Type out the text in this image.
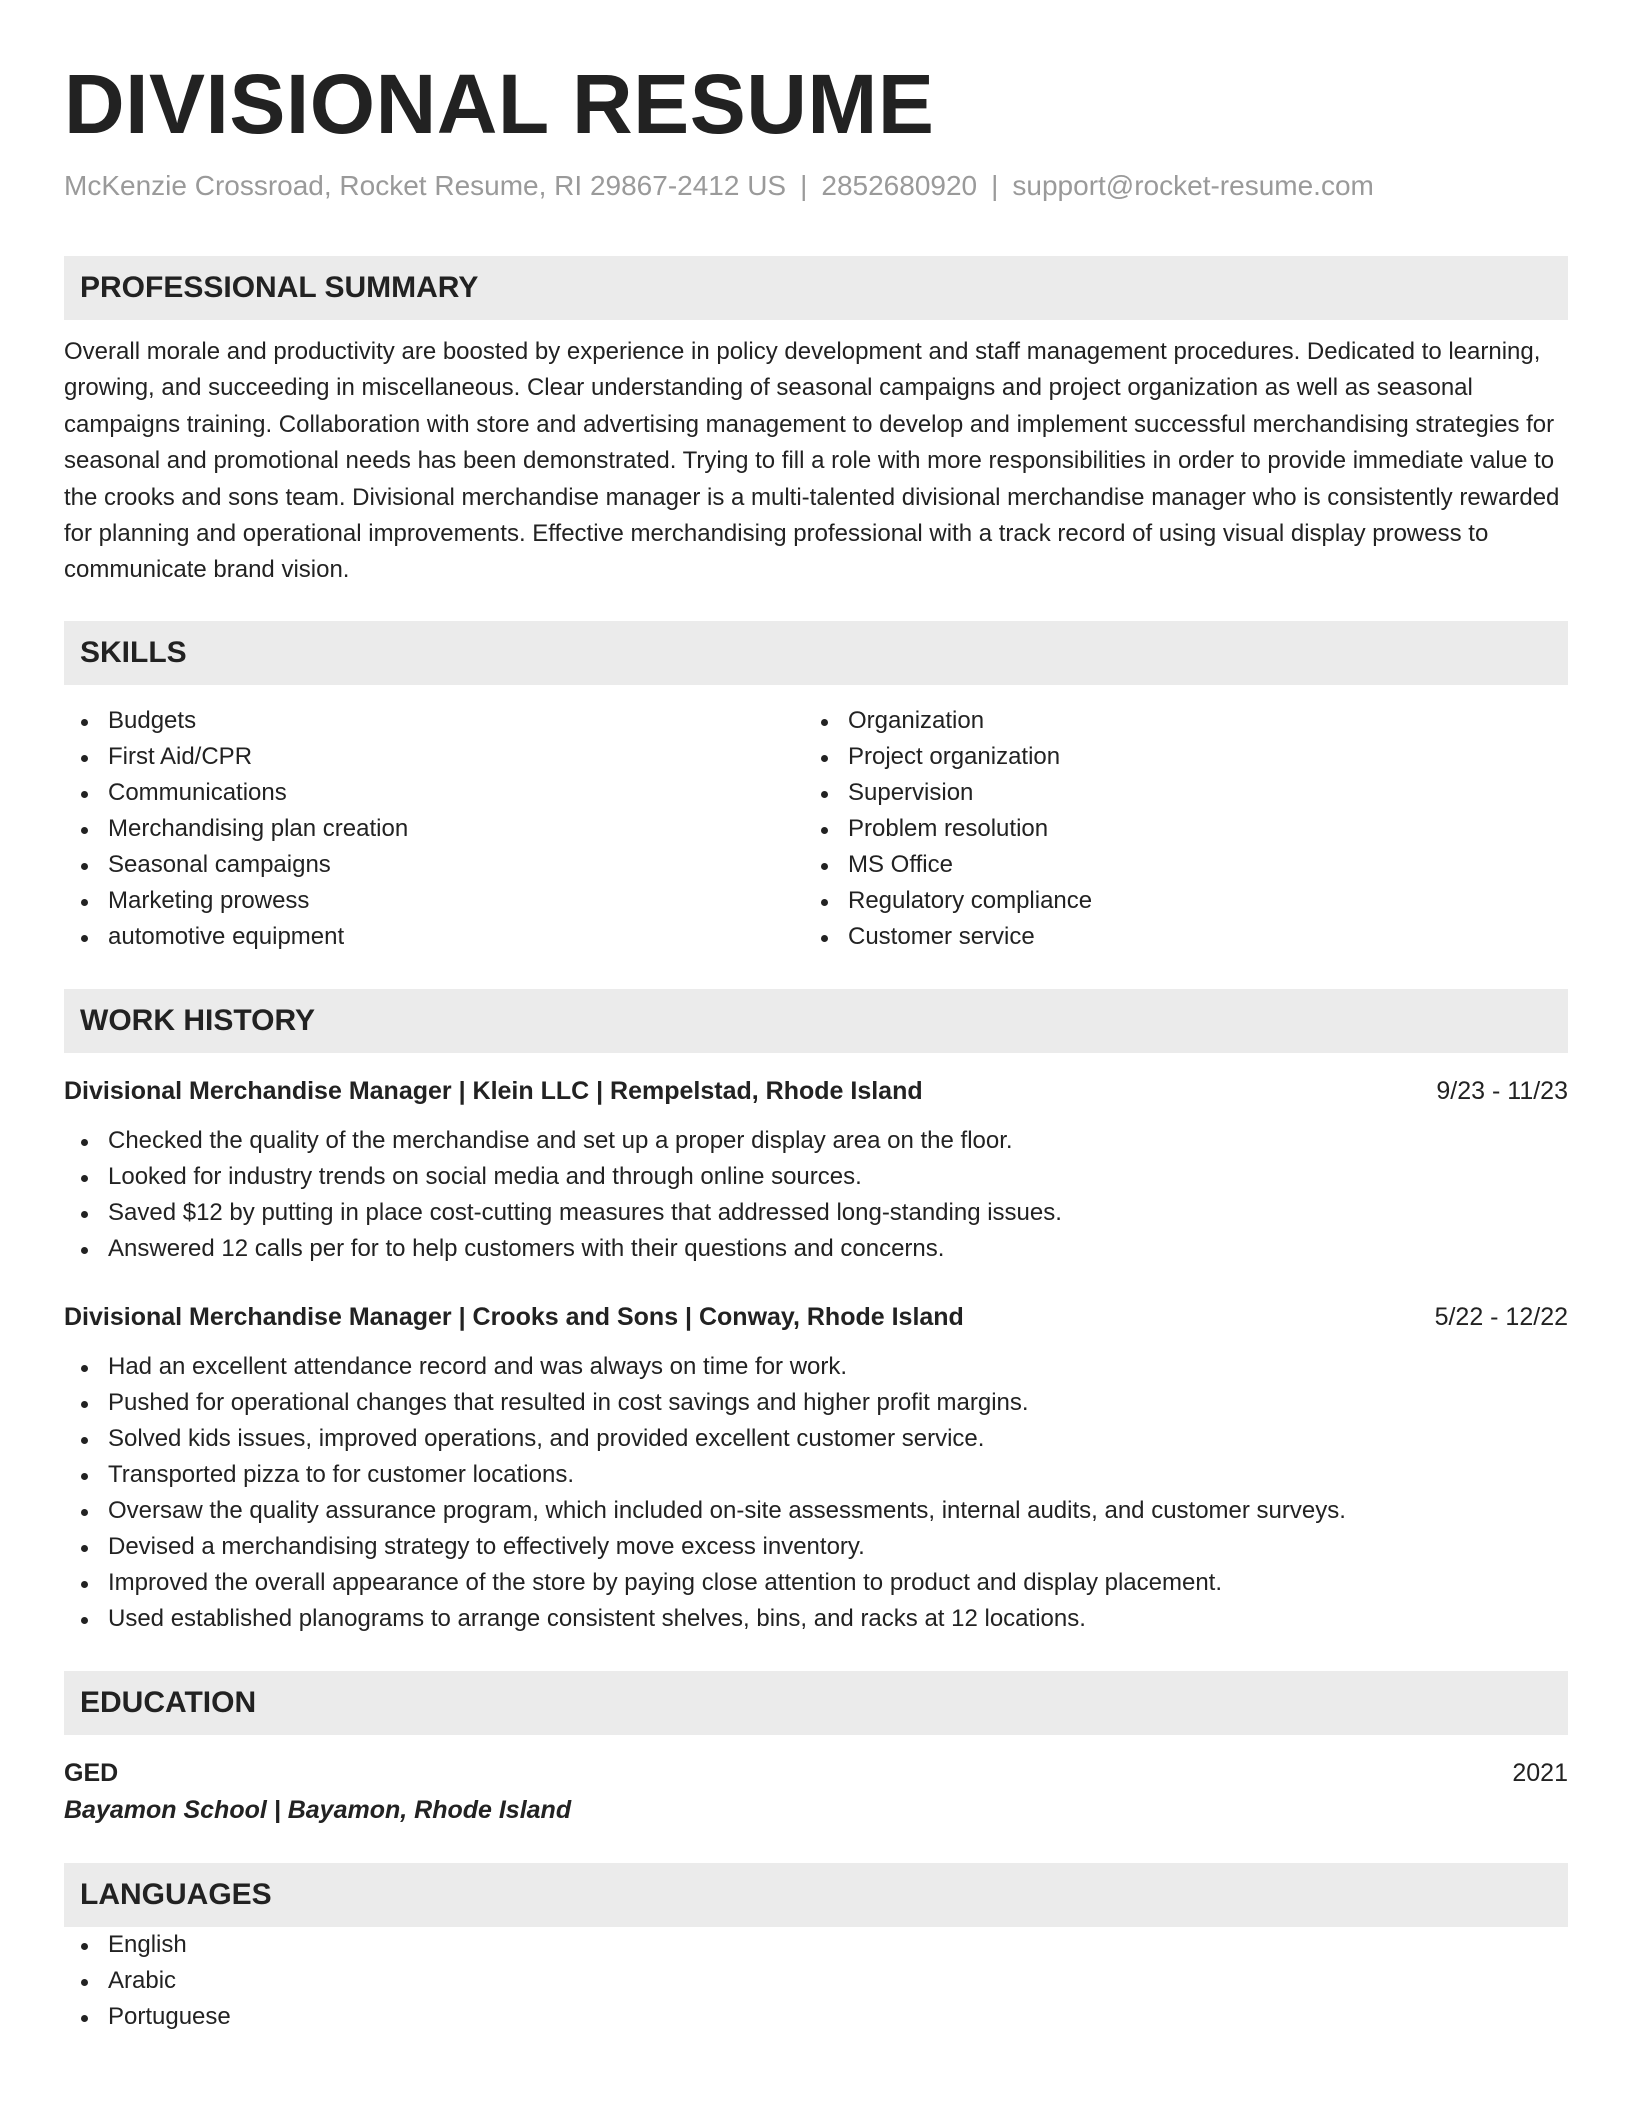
DIVISIONAL RESUME
McKenzie Crossroad, Rocket Resume, RI 29867-2412 US | 2852680920 | support@rocket-resume.com
PROFESSIONAL SUMMARY
Overall morale and productivity are boosted by experience in policy development and staff management procedures. Dedicated to learning, growing, and succeeding in miscellaneous. Clear understanding of seasonal campaigns and project organization as well as seasonal campaigns training. Collaboration with store and advertising management to develop and implement successful merchandising strategies for seasonal and promotional needs has been demonstrated. Trying to fill a role with more responsibilities in order to provide immediate value to the crooks and sons team. Divisional merchandise manager is a multi-talented divisional merchandise manager who is consistently rewarded for planning and operational improvements. Effective merchandising professional with a track record of using visual display prowess to communicate brand vision.
SKILLS
Budgets
First Aid/CPR
Communications
Merchandising plan creation
Seasonal campaigns
Marketing prowess
automotive equipment
Organization
Project organization
Supervision
Problem resolution
MS Office
Regulatory compliance
Customer service
WORK HISTORY
Divisional Merchandise Manager | Klein LLC | Rempelstad, Rhode Island	9/23 - 11/23
Checked the quality of the merchandise and set up a proper display area on the floor.
Looked for industry trends on social media and through online sources.
Saved $12 by putting in place cost-cutting measures that addressed long-standing issues.
Answered 12 calls per for to help customers with their questions and concerns.
Divisional Merchandise Manager | Crooks and Sons | Conway, Rhode Island	5/22 - 12/22
Had an excellent attendance record and was always on time for work.
Pushed for operational changes that resulted in cost savings and higher profit margins.
Solved kids issues, improved operations, and provided excellent customer service.
Transported pizza to for customer locations.
Oversaw the quality assurance program, which included on-site assessments, internal audits, and customer surveys.
Devised a merchandising strategy to effectively move excess inventory.
Improved the overall appearance of the store by paying close attention to product and display placement.
Used established planograms to arrange consistent shelves, bins, and racks at 12 locations.
EDUCATION
GED	2021
Bayamon School | Bayamon, Rhode Island
LANGUAGES
English
Arabic
Portuguese
